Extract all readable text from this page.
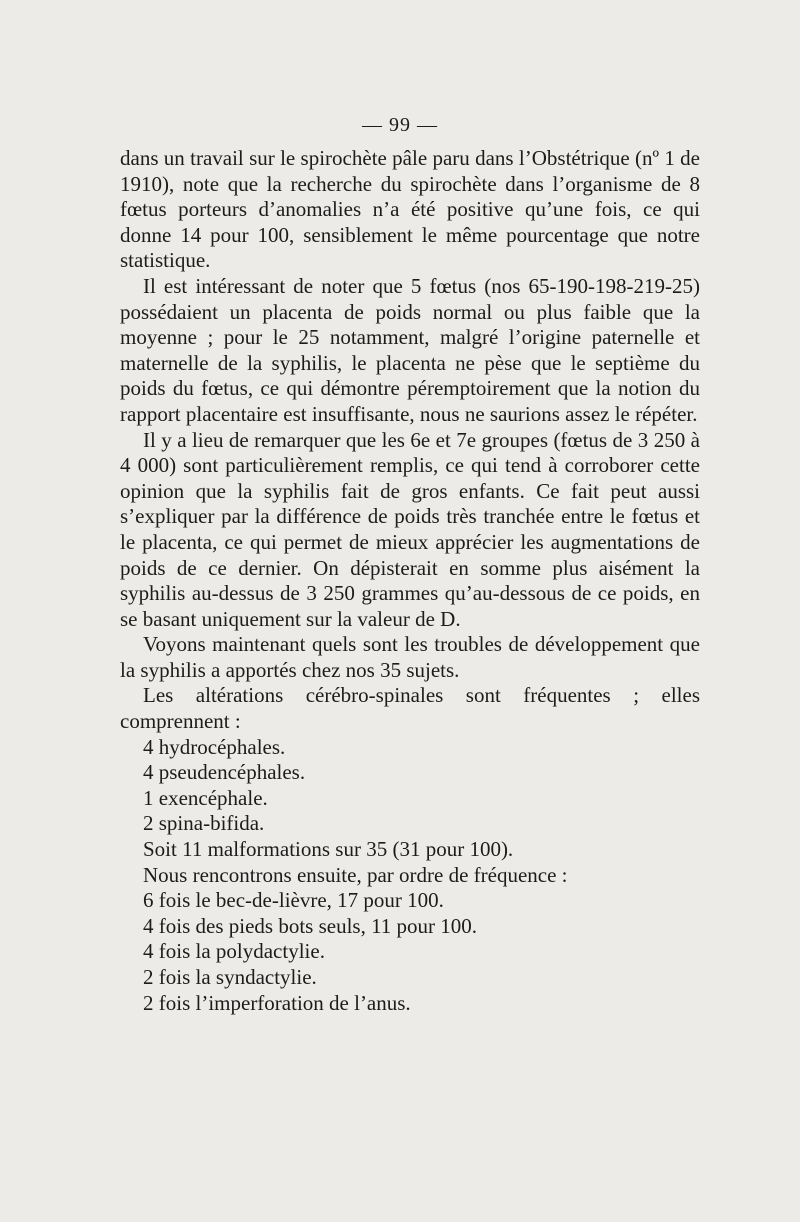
— 99 —

dans un travail sur le spirochète pâle paru dans l’Obstétrique (nº 1 de 1910), note que la recherche du spirochète dans l’organisme de 8 fœtus porteurs d’anomalies n’a été positive qu’une fois, ce qui donne 14 pour 100, sensiblement le même pourcentage que notre statistique.

Il est intéressant de noter que 5 fœtus (nos 65-190-198-219-25) possédaient un placenta de poids normal ou plus faible que la moyenne ; pour le 25 notamment, malgré l’origine paternelle et maternelle de la syphilis, le placenta ne pèse que le septième du poids du fœtus, ce qui démontre péremptoirement que la notion du rapport placentaire est insuffisante, nous ne saurions assez le répéter.

Il y a lieu de remarquer que les 6e et 7e groupes (fœtus de 3 250 à 4 000) sont particulièrement remplis, ce qui tend à corroborer cette opinion que la syphilis fait de gros enfants. Ce fait peut aussi s’expliquer par la différence de poids très tranchée entre le fœtus et le placenta, ce qui permet de mieux apprécier les augmentations de poids de ce dernier. On dépisterait en somme plus aisément la syphilis au-dessus de 3 250 grammes qu’au-dessous de ce poids, en se basant uniquement sur la valeur de D.

Voyons maintenant quels sont les troubles de développement que la syphilis a apportés chez nos 35 sujets.

Les altérations cérébro-spinales sont fréquentes ; elles comprennent :

4 hydrocéphales.

4 pseudencéphales.

1 exencéphale.

2 spina-bifida.

Soit 11 malformations sur 35 (31 pour 100).

Nous rencontrons ensuite, par ordre de fréquence :

6 fois le bec-de-lièvre, 17 pour 100.

4 fois des pieds bots seuls, 11 pour 100.

4 fois la polydactylie.

2 fois la syndactylie.

2 fois l’imperforation de l’anus.
